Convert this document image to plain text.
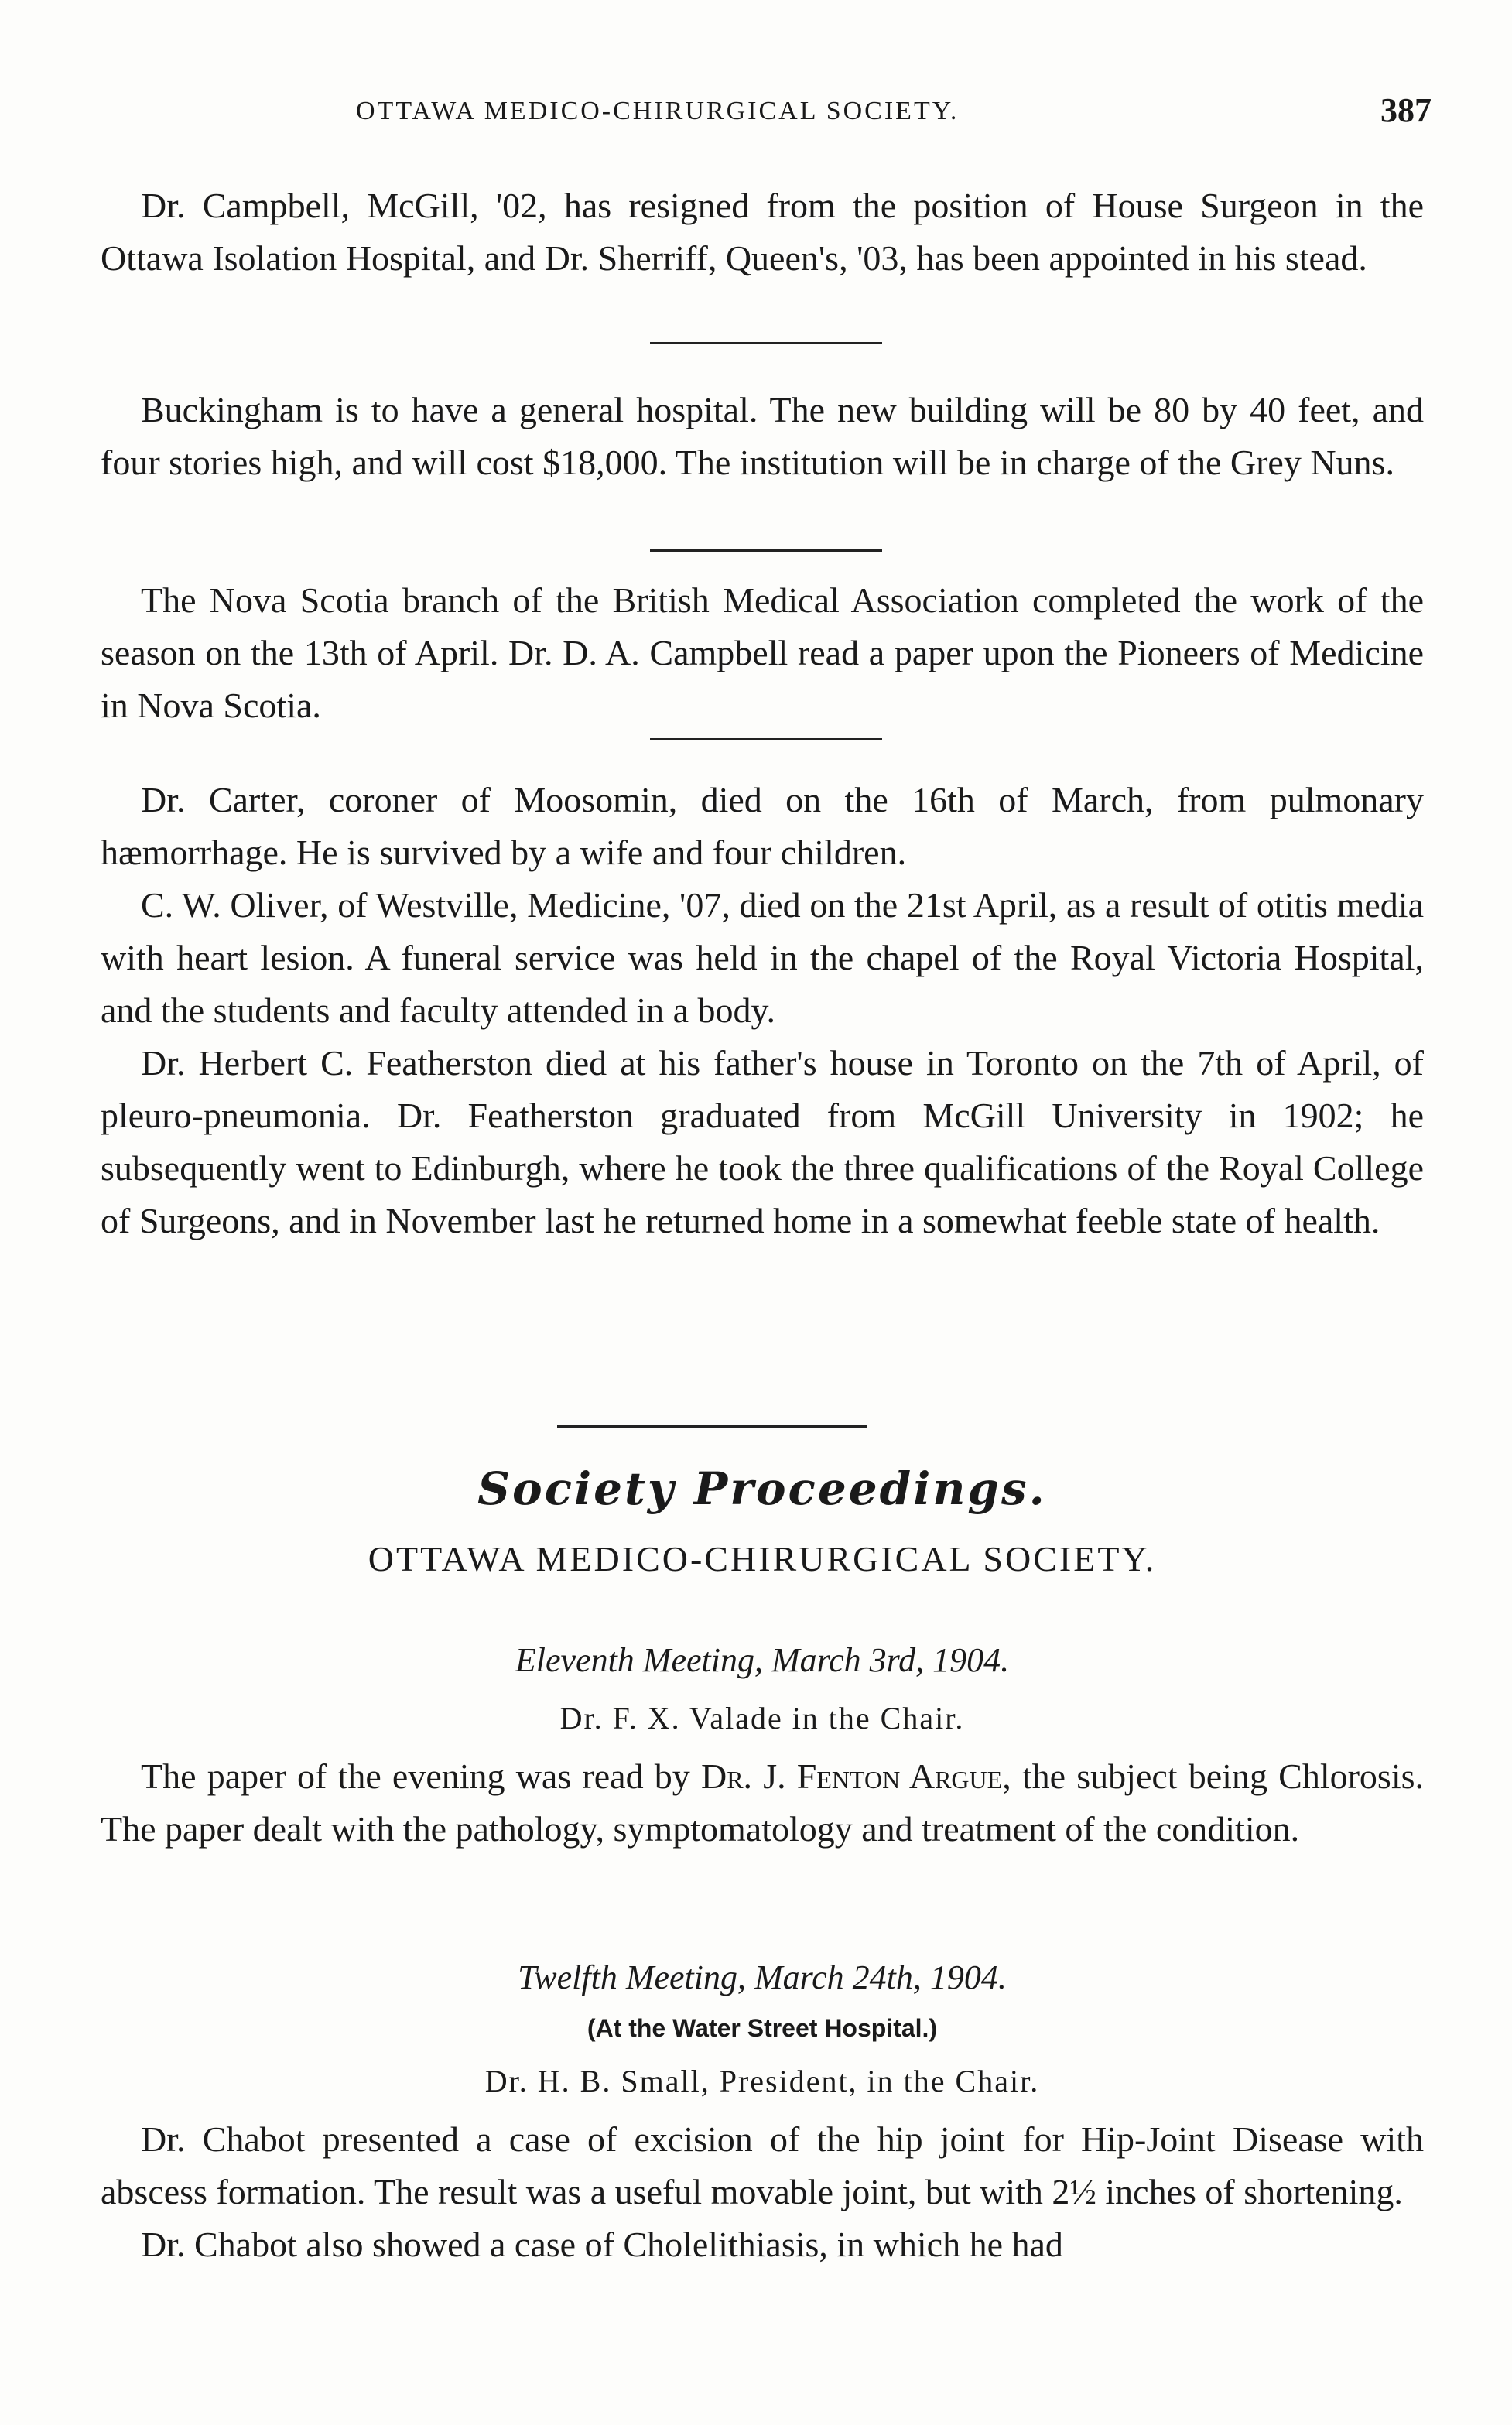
OTTAWA MEDICO-CHIRURGICAL SOCIETY.	387

Dr. Campbell, McGill, '02, has resigned from the position of House Surgeon in the Ottawa Isolation Hospital, and Dr. Sherriff, Queen's, '03, has been appointed in his stead.

Buckingham is to have a general hospital. The new building will be 80 by 40 feet, and four stories high, and will cost $18,000. The institution will be in charge of the Grey Nuns.

The Nova Scotia branch of the British Medical Association completed the work of the season on the 13th of April. Dr. D. A. Campbell read a paper upon the Pioneers of Medicine in Nova Scotia.

Dr. Carter, coroner of Moosomin, died on the 16th of March, from pulmonary hæmorrhage. He is survived by a wife and four children.

C. W. Oliver, of Westville, Medicine, '07, died on the 21st April, as a result of otitis media with heart lesion. A funeral service was held in the chapel of the Royal Victoria Hospital, and the students and faculty attended in a body.

Dr. Herbert C. Featherston died at his father's house in Toronto on the 7th of April, of pleuro-pneumonia. Dr. Featherston graduated from McGill University in 1902; he subsequently went to Edinburgh, where he took the three qualifications of the Royal College of Surgeons, and in November last he returned home in a somewhat feeble state of health.

Society Proceedings.
OTTAWA MEDICO-CHIRURGICAL SOCIETY.
Eleventh Meeting, March 3rd, 1904.
Dr. F. X. Valade in the Chair.

The paper of the evening was read by Dr. J. Fenton Argue, the subject being Chlorosis. The paper dealt with the pathology, symptomatology and treatment of the condition.

Twelfth Meeting, March 24th, 1904.
(At the Water Street Hospital.)
Dr. H. B. Small, President, in the Chair.

Dr. Chabot presented a case of excision of the hip joint for Hip-Joint Disease with abscess formation. The result was a useful movable joint, but with 2½ inches of shortening.

Dr. Chabot also showed a case of Cholelithiasis, in which he had
